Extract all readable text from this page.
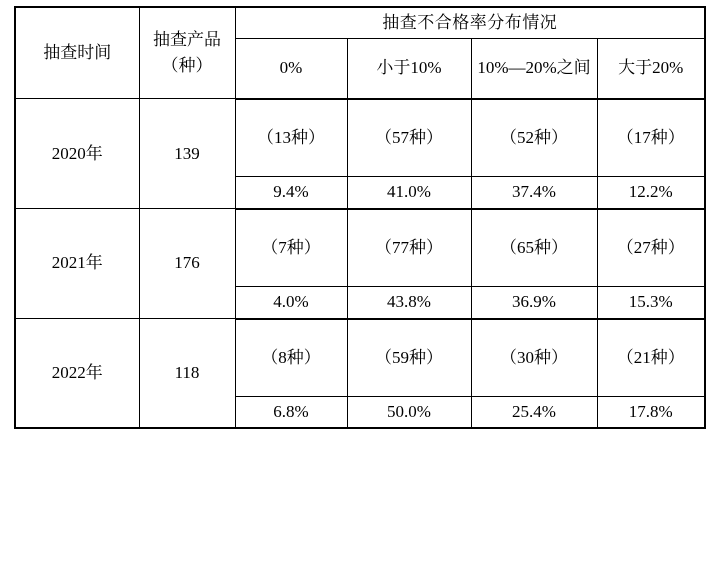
抽查时间	抽查产品（种）	抽查不合格率分布情况			
		0%	小于10%	10%—20%之间	大于20%
2020年	139	（13种）	（57种）	（52种）	（17种）
		9.4%	41.0%	37.4%	12.2%
2021年	176	（7种）	（77种）	（65种）	（27种）
		4.0%	43.8%	36.9%	15.3%
2022年	118	（8种）	（59种）	（30种）	（21种）
		6.8%	50.0%	25.4%	17.8%
